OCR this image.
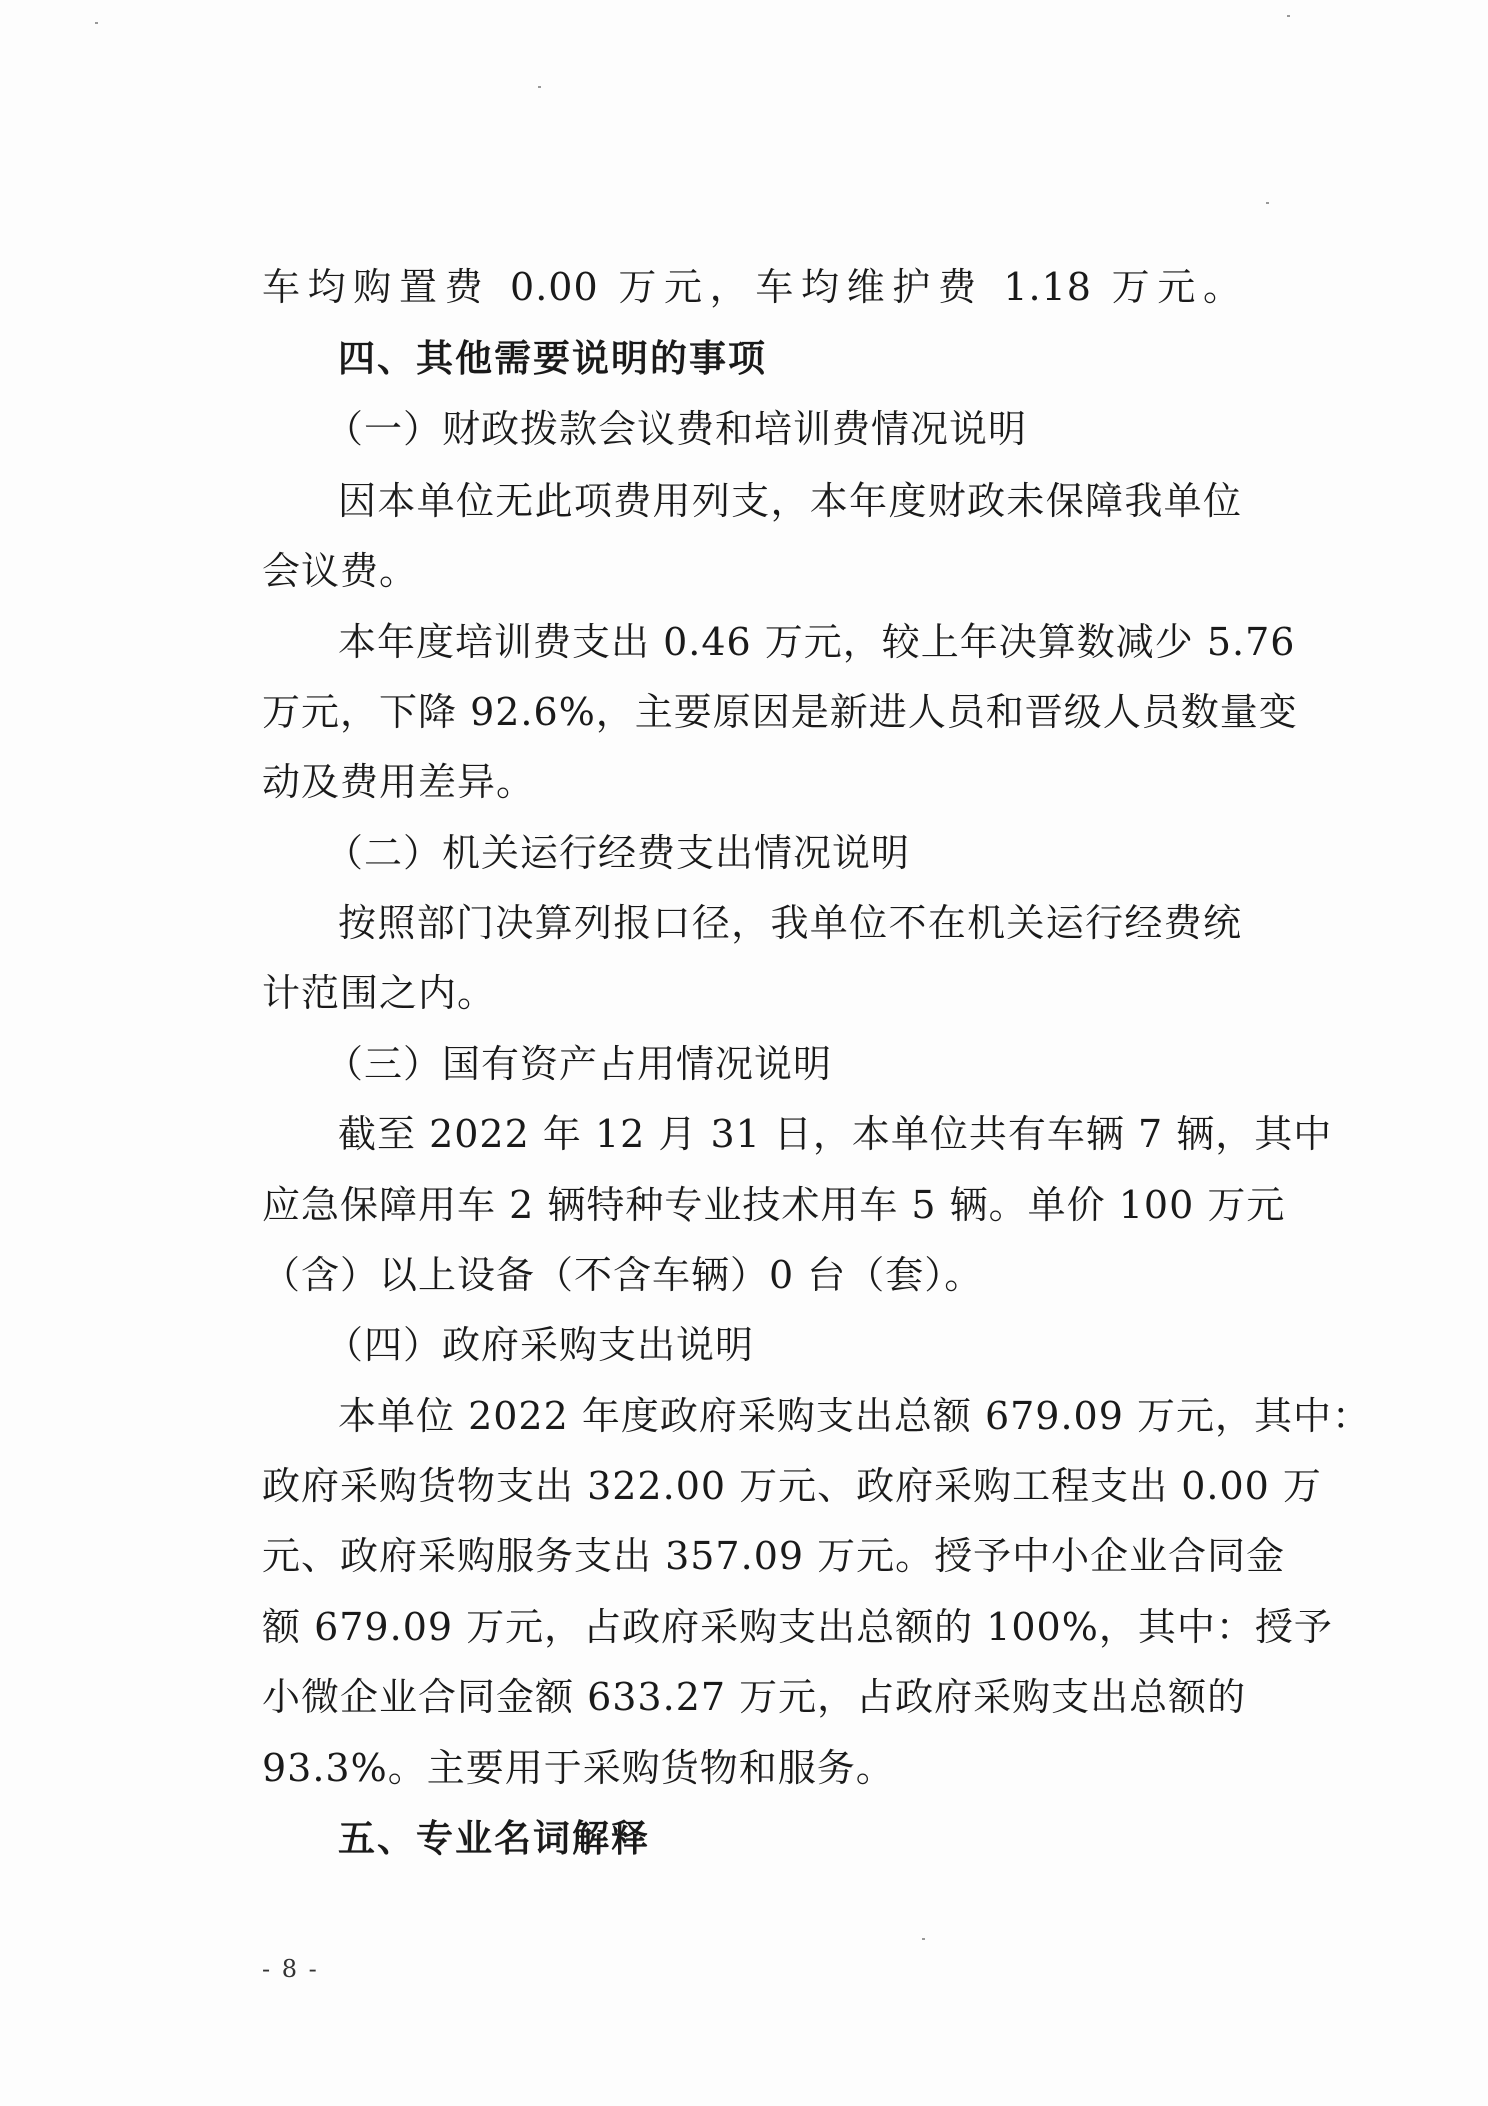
车均购置费 0.00 万元，车均维护费 1.18 万元。
四、其他需要说明的事项
（一）财政拨款会议费和培训费情况说明
因本单位无此项费用列支，本年度财政未保障我单位
会议费。
本年度培训费支出 0.46 万元，较上年决算数减少 5.76
万元，下降 92.6%，主要原因是新进人员和晋级人员数量变
动及费用差异。
（二）机关运行经费支出情况说明
按照部门决算列报口径，我单位不在机关运行经费统
计范围之内。
（三）国有资产占用情况说明
截至 2022 年 12 月 31 日，本单位共有车辆 7 辆，其中
应急保障用车 2 辆特种专业技术用车 5 辆。单价 100 万元
（含）以上设备（不含车辆）0 台（套）。
（四）政府采购支出说明
本单位 2022 年度政府采购支出总额 679.09 万元，其中：
政府采购货物支出 322.00 万元、政府采购工程支出 0.00 万
元、政府采购服务支出 357.09 万元。授予中小企业合同金
额 679.09 万元，占政府采购支出总额的 100%，其中：授予
小微企业合同金额 633.27 万元，占政府采购支出总额的
93.3%。主要用于采购货物和服务。
五、专业名词解释
- 8 -
